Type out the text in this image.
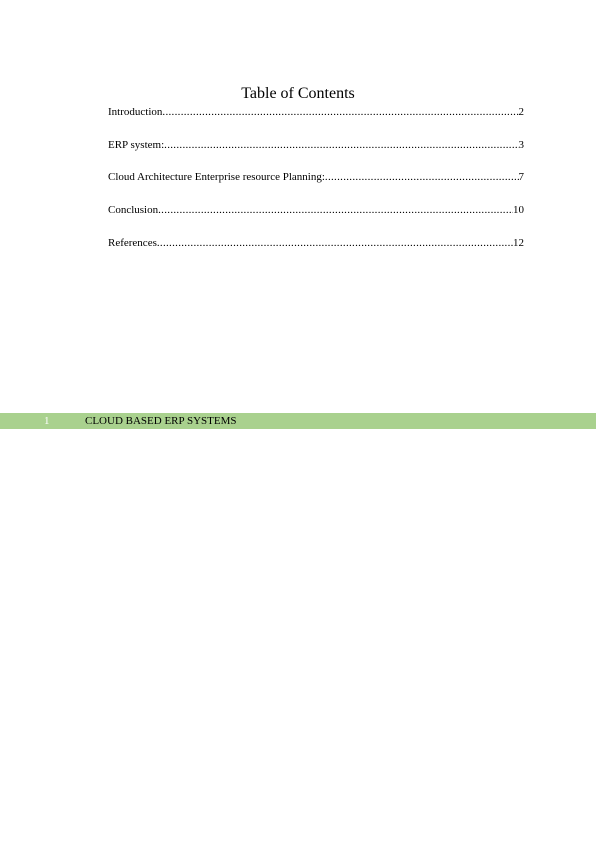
Table of Contents
Introduction .....	2
ERP system: .....	3
Cloud Architecture Enterprise resource Planning: .....	7
Conclusion .....	10
References .....	12
1	CLOUD BASED ERP SYSTEMS
